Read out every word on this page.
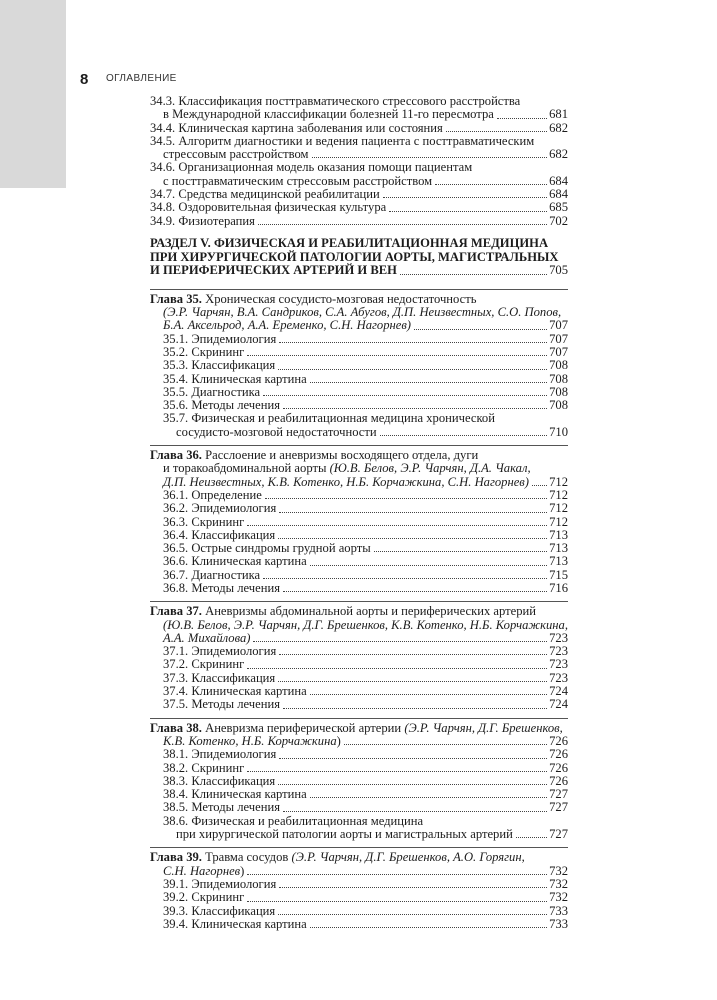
8 ОГЛАВЛЕНИЕ
34.3. Классификация посттравматического стрессового расстройства
в Международной классификации болезней 11-го пересмотра	681
34.4. Клиническая картина заболевания или состояния	682
34.5. Алгоритм диагностики и ведения пациента с посттравматическим
стрессовым расстройством	682
34.6. Организационная модель оказания помощи пациентам
с посттравматическим стрессовым расстройством	684
34.7. Средства медицинской реабилитации	684
34.8. Оздоровительная физическая культура	685
34.9. Физиотерапия	702
РАЗДЕЛ V. ФИЗИЧЕСКАЯ И РЕАБИЛИТАЦИОННАЯ МЕДИЦИНА
ПРИ ХИРУРГИЧЕСКОЙ ПАТОЛОГИИ АОРТЫ, МАГИСТРАЛЬНЫХ
И ПЕРИФЕРИЧЕСКИХ АРТЕРИЙ И ВЕН	705
Глава 35. Хроническая сосудисто-мозговая недостаточность
(Э.Р. Чарчян, В.А. Сандриков, С.А. Абугов, Д.П. Неизвестных, С.О. Попов,
Б.А. Аксельрод, А.А. Еременко, С.Н. Нагорнев)	707
35.1. Эпидемиология	707
35.2. Скрининг	707
35.3. Классификация	708
35.4. Клиническая картина	708
35.5. Диагностика	708
35.6. Методы лечения	708
35.7. Физическая и реабилитационная медицина хронической
сосудисто-мозговой недостаточности	710
Глава 36. Расслоение и аневризмы восходящего отдела, дуги
и торакоабдоминальной аорты (Ю.В. Белов, Э.Р. Чарчян, Д.А. Чакал,
Д.П. Неизвестных, К.В. Котенко, Н.Б. Корчажкина, С.Н. Нагорнев) 712
36.1. Определение	712
36.2. Эпидемиология	712
36.3. Скрининг	712
36.4. Классификация	713
36.5. Острые синдромы грудной аорты	713
36.6. Клиническая картина	713
36.7. Диагностика	715
36.8. Методы лечения	716
Глава 37. Аневризмы абдоминальной аорты и периферических артерий
(Ю.В. Белов, Э.Р. Чарчян, Д.Г. Брешенков, К.В. Котенко, Н.Б. Корчажкина,
А.А. Михайлова)	723
37.1. Эпидемиология	723
37.2. Скрининг	723
37.3. Классификация	723
37.4. Клиническая картина	724
37.5. Методы лечения	724
Глава 38. Аневризма периферической артерии (Э.Р. Чарчян, Д.Г. Брешенков,
К.В. Котенко, Н.Б. Корчажкина)	726
38.1. Эпидемиология	726
38.2. Скрининг	726
38.3. Классификация	726
38.4. Клиническая картина	727
38.5. Методы лечения	727
38.6. Физическая и реабилитационная медицина
при хирургической патологии аорты и магистральных артерий	727
Глава 39. Травма сосудов (Э.Р. Чарчян, Д.Г. Брешенков, А.О. Горягин,
С.Н. Нагорнев)	732
39.1. Эпидемиология	732
39.2. Скрининг	732
39.3. Классификация	733
39.4. Клиническая картина	733
